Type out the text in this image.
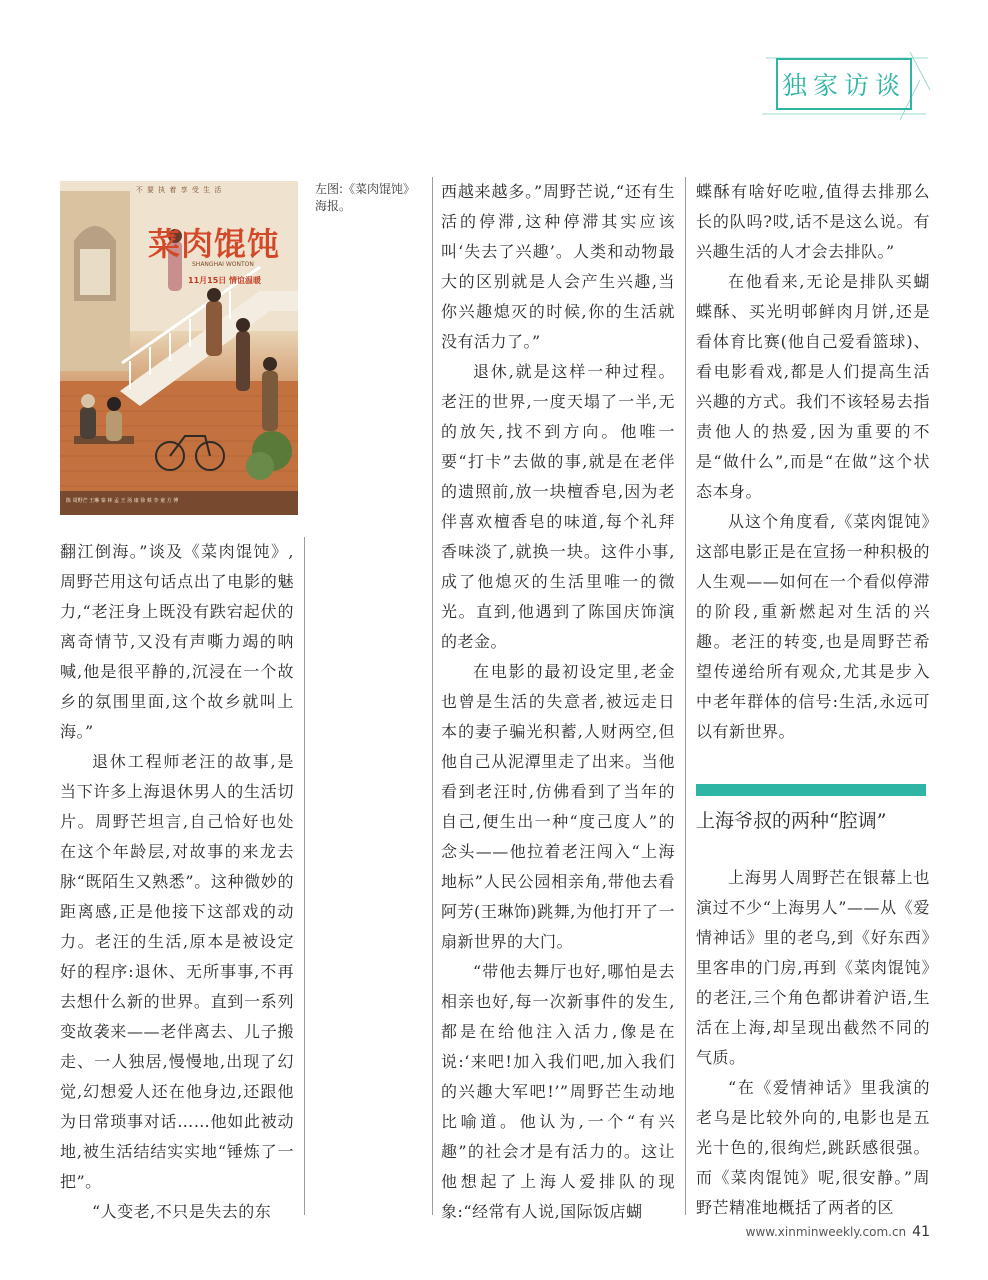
独家访谈
不 要 执 着 享 受 生 活
菜肉馄饨
SHANGHAI WONTON
11月15日 情谊温暖
陈 周野芒 王琳 秦 林 孟 王 汤 康 徐 蔡 李 童 方 傅
左图:《菜肉馄饨》海报。

翻江倒海。”谈及《菜肉馄饨》,周野芒用这句话点出了电影的魅力,“老汪身上既没有跌宕起伏的离奇情节,又没有声嘶力竭的呐喊,他是很平静的,沉浸在一个故乡的氛围里面,这个故乡就叫上海。”

退休工程师老汪的故事,是当下许多上海退休男人的生活切片。周野芒坦言,自己恰好也处在这个年龄层,对故事的来龙去脉“既陌生又熟悉”。这种微妙的距离感,正是他接下这部戏的动力。老汪的生活,原本是被设定好的程序:退休、无所事事,不再去想什么新的世界。直到一系列变故袭来——老伴离去、儿子搬走、一人独居,慢慢地,出现了幻觉,幻想爱人还在他身边,还跟他为日常琐事对话……他如此被动地,被生活结结实实地“锤炼了一把”。

“人变老,不只是失去的东

西越来越多。”周野芒说,“还有生活的停滞,这种停滞其实应该叫‘失去了兴趣’。人类和动物最大的区别就是人会产生兴趣,当你兴趣熄灭的时候,你的生活就没有活力了。”

退休,就是这样一种过程。老汪的世界,一度天塌了一半,无的放矢,找不到方向。他唯一要“打卡”去做的事,就是在老伴的遗照前,放一块檀香皂,因为老伴喜欢檀香皂的味道,每个礼拜香味淡了,就换一块。这件小事,成了他熄灭的生活里唯一的微光。直到,他遇到了陈国庆饰演的老金。

在电影的最初设定里,老金也曾是生活的失意者,被远走日本的妻子骗光积蓄,人财两空,但他自己从泥潭里走了出来。当他看到老汪时,仿佛看到了当年的自己,便生出一种“度己度人”的念头——他拉着老汪闯入“上海地标”人民公园相亲角,带他去看阿芳(王琳饰)跳舞,为他打开了一扇新世界的大门。

“带他去舞厅也好,哪怕是去相亲也好,每一次新事件的发生,都是在给他注入活力,像是在说:‘来吧!加入我们吧,加入我们的兴趣大军吧!’”周野芒生动地比喻道。他认为,一个“有兴趣”的社会才是有活力的。这让他想起了上海人爱排队的现象:“经常有人说,国际饭店蝴

蝶酥有啥好吃啦,值得去排那么长的队吗?哎,话不是这么说。有兴趣生活的人才会去排队。”

在他看来,无论是排队买蝴蝶酥、买光明邨鲜肉月饼,还是看体育比赛(他自己爱看篮球)、看电影看戏,都是人们提高生活兴趣的方式。我们不该轻易去指责他人的热爱,因为重要的不是“做什么”,而是“在做”这个状态本身。

从这个角度看,《菜肉馄饨》这部电影正是在宣扬一种积极的人生观——如何在一个看似停滞的阶段,重新燃起对生活的兴趣。老汪的转变,也是周野芒希望传递给所有观众,尤其是步入中老年群体的信号:生活,永远可以有新世界。

上海爷叔的两种“腔调”

上海男人周野芒在银幕上也演过不少“上海男人”——从《爱情神话》里的老乌,到《好东西》里客串的门房,再到《菜肉馄饨》的老汪,三个角色都讲着沪语,生活在上海,却呈现出截然不同的气质。

“在《爱情神话》里我演的老乌是比较外向的,电影也是五光十色的,很绚烂,跳跃感很强。而《菜肉馄饨》呢,很安静。”周野芒精准地概括了两者的区

www.xinminweekly.com.cn 41
